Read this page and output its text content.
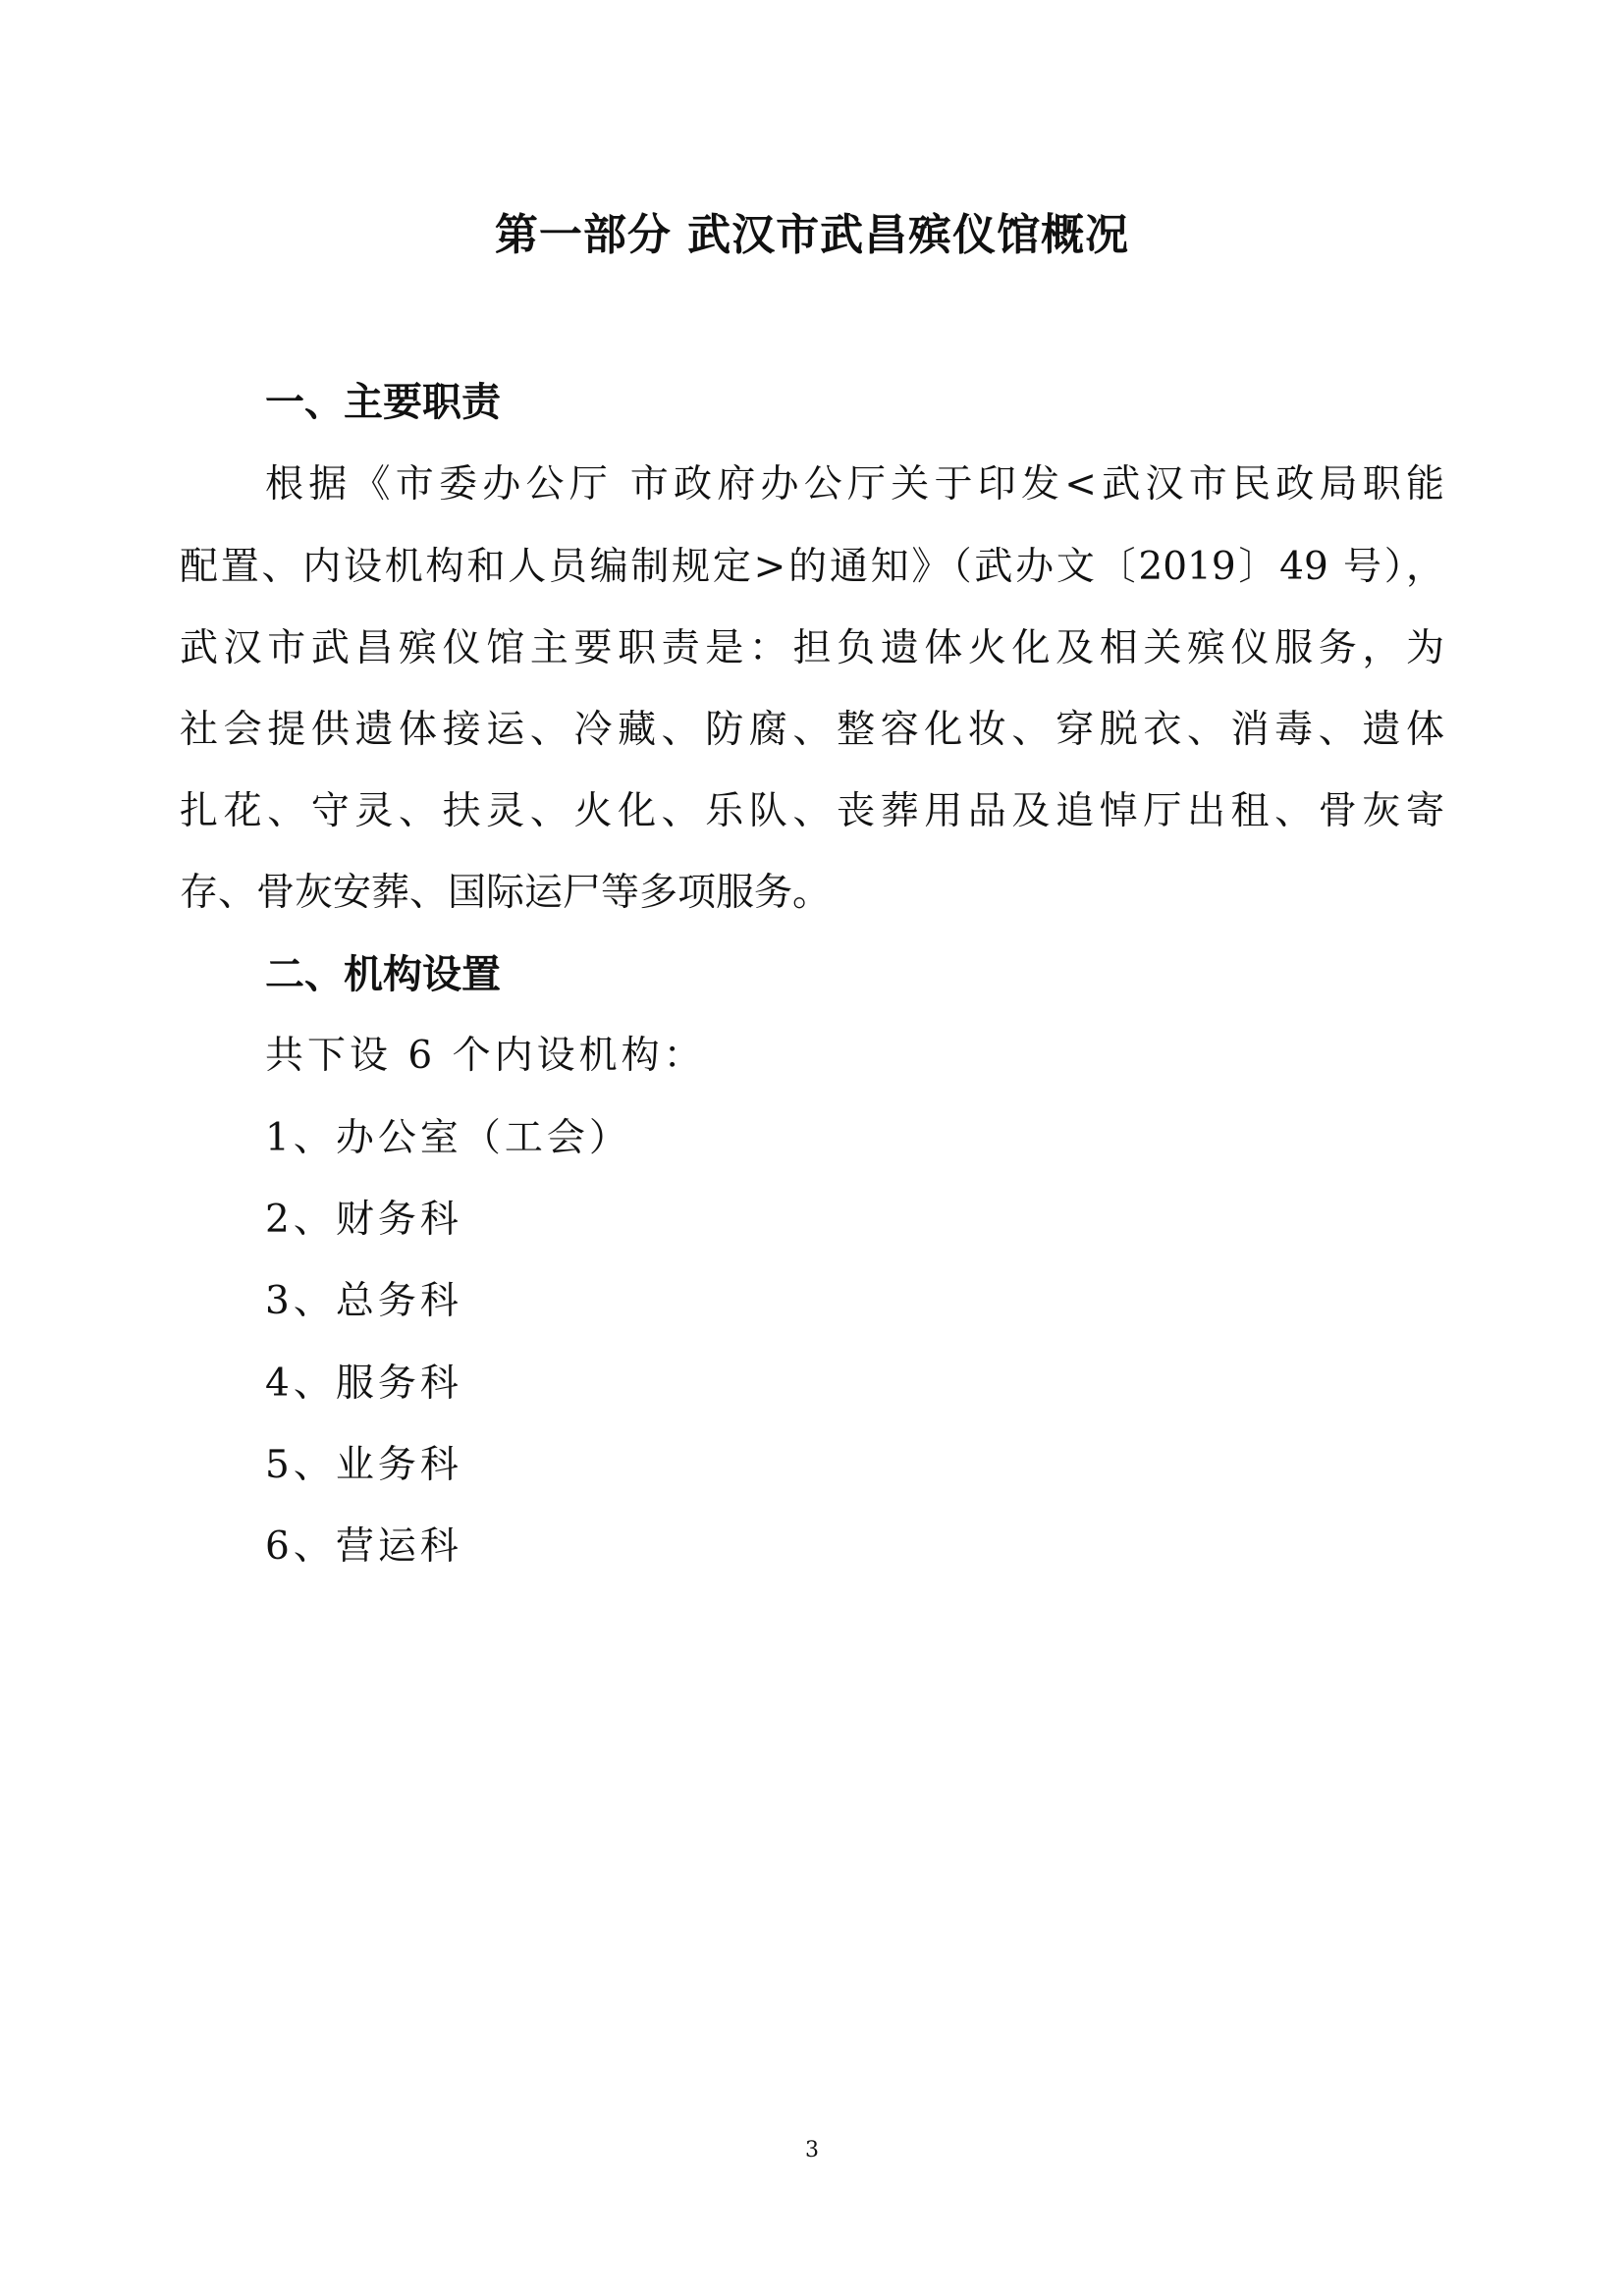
第一部分 武汉市武昌殡仪馆概况
一、主要职责
根据《市委办公厅 市政府办公厅关于印发<武汉市民政局职能
配置、内设机构和人员编制规定>的通知》（武办文〔2019〕49 号），
武汉市武昌殡仪馆主要职责是：担负遗体火化及相关殡仪服务，为
社会提供遗体接运、冷藏、防腐、整容化妆、穿脱衣、消毒、遗体
扎花、守灵、扶灵、火化、乐队、丧葬用品及追悼厅出租、骨灰寄
存、骨灰安葬、国际运尸等多项服务。
二、机构设置
共下设 6 个内设机构：
1、办公室（工会）
2、财务科
3、总务科
4、服务科
5、业务科
6、营运科
3
